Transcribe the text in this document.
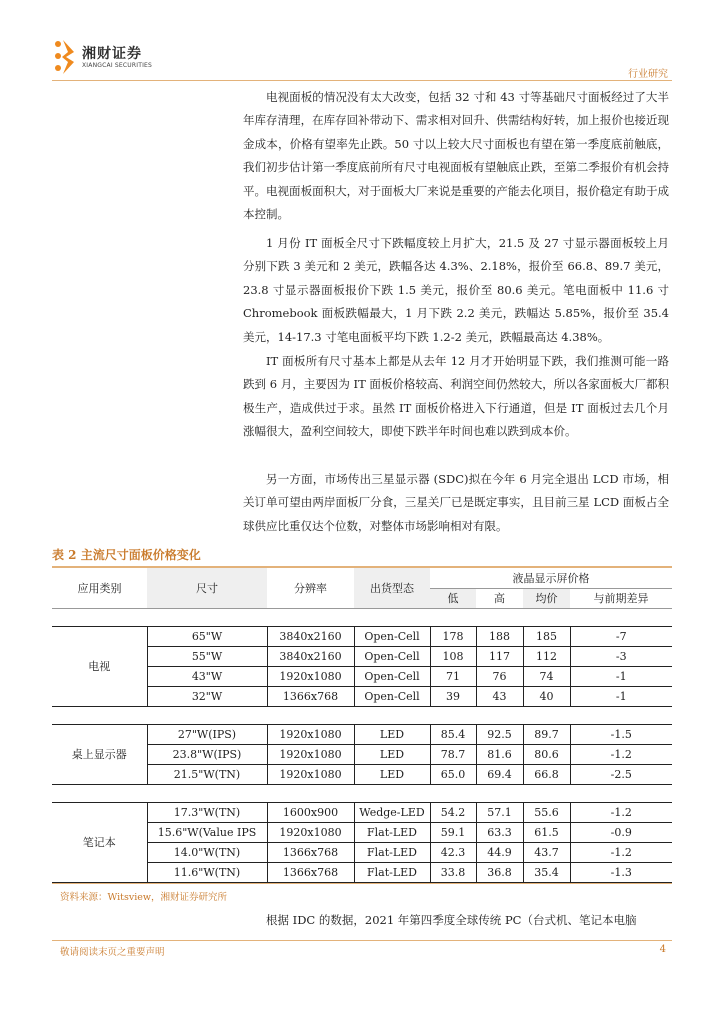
湘财证券
XIANGCAI SECURITIES
行业研究

电视面板的情况没有太大改变，包括 32 寸和 43 寸等基础尺寸面板经过了大半年库存清理，在库存回补带动下、需求相对回升、供需结构好转，加上报价也接近现金成本，价格有望率先止跌。50 寸以上较大尺寸面板也有望在第一季度底前触底，我们初步估计第一季度底前所有尺寸电视面板有望触底止跌，至第二季报价有机会持平。电视面板面积大，对于面板大厂来说是重要的产能去化项目，报价稳定有助于成本控制。

1 月份 IT 面板全尺寸下跌幅度较上月扩大，21.5 及 27 寸显示器面板较上月分别下跌 3 美元和 2 美元，跌幅各达 4.3%、2.18%，报价至 66.8、89.7 美元，23.8 寸显示器面板报价下跌 1.5 美元，报价至 80.6 美元。笔电面板中 11.6 寸 Chromebook 面板跌幅最大，1 月下跌 2.2 美元，跌幅达 5.85%，报价至 35.4 美元，14-17.3 寸笔电面板平均下跌 1.2-2 美元，跌幅最高达 4.38%。

IT 面板所有尺寸基本上都是从去年 12 月才开始明显下跌，我们推测可能一路跌到 6 月，主要因为 IT 面板价格较高、利润空间仍然较大，所以各家面板大厂都积极生产，造成供过于求。虽然 IT 面板价格进入下行通道，但是 IT 面板过去几个月涨幅很大，盈利空间较大，即使下跌半年时间也难以跌到成本价。

另一方面，市场传出三星显示器 (SDC)拟在今年 6 月完全退出 LCD 市场，相关订单可望由两岸面板厂分食，三星关厂已是既定事实，且目前三星 LCD 面板占全球供应比重仅达个位数，对整体市场影响相对有限。

表 2 主流尺寸面板价格变化
应用类别	尺寸	分辨率	出货型态	液晶显示屏价格			
				低	高	均价	与前期差异

电视	65"W	3840x2160	Open-Cell	178	188	185	-7
	55"W	3840x2160	Open-Cell	108	117	112	-3
	43"W	1920x1080	Open-Cell	71	76	74	-1
	32"W	1366x768	Open-Cell	39	43	40	-1

桌上显示器	27"W(IPS)	1920x1080	LED	85.4	92.5	89.7	-1.5
	23.8"W(IPS)	1920x1080	LED	78.7	81.6	80.6	-1.2
	21.5"W(TN)	1920x1080	LED	65.0	69.4	66.8	-2.5

笔记本	17.3"W(TN)	1600x900	Wedge-LED	54.2	57.1	55.6	-1.2
	15.6"W(Value IPS	1920x1080	Flat-LED	59.1	63.3	61.5	-0.9
	14.0"W(TN)	1366x768	Flat-LED	42.3	44.9	43.7	-1.2
	11.6"W(TN)	1366x768	Flat-LED	33.8	36.8	35.4	-1.3
资料来源：Witsview，湘财证券研究所

根据 IDC 的数据，2021 年第四季度全球传统 PC（台式机、笔记本电脑

敬请阅读末页之重要声明	4
